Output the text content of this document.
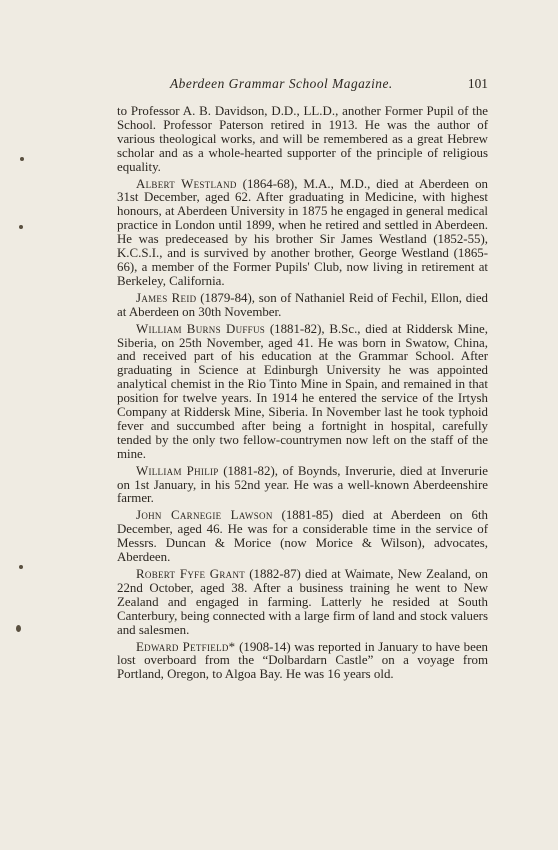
Aberdeen Grammar School Magazine.	101

to Professor A. B. Davidson, D.D., LL.D., another Former Pupil of the School. Professor Paterson retired in 1913. He was the author of various theological works, and will be remembered as a great Hebrew scholar and as a whole-hearted supporter of the principle of religious equality.

Albert Westland (1864-68), M.A., M.D., died at Aberdeen on 31st December, aged 62. After graduating in Medicine, with highest honours, at Aberdeen University in 1875 he engaged in general medical practice in London until 1899, when he retired and settled in Aberdeen. He was predeceased by his brother Sir James Westland (1852-55), K.C.S.I., and is survived by another brother, George Westland (1865-66), a member of the Former Pupils' Club, now living in retirement at Berkeley, California.

James Reid (1879-84), son of Nathaniel Reid of Fechil, Ellon, died at Aberdeen on 30th November.

William Burns Duffus (1881-82), B.Sc., died at Riddersk Mine, Siberia, on 25th November, aged 41. He was born in Swatow, China, and received part of his education at the Grammar School. After graduating in Science at Edinburgh University he was appointed analytical chemist in the Rio Tinto Mine in Spain, and remained in that position for twelve years. In 1914 he entered the service of the Irtysh Company at Riddersk Mine, Siberia. In November last he took typhoid fever and succumbed after being a fortnight in hospital, carefully tended by the only two fellow-countrymen now left on the staff of the mine.

William Philip (1881-82), of Boynds, Inverurie, died at Inverurie on 1st January, in his 52nd year. He was a well-known Aberdeenshire farmer.

John Carnegie Lawson (1881-85) died at Aberdeen on 6th December, aged 46. He was for a considerable time in the service of Messrs. Duncan & Morice (now Morice & Wilson), advocates, Aberdeen.

Robert Fyfe Grant (1882-87) died at Waimate, New Zealand, on 22nd October, aged 38. After a business training he went to New Zealand and engaged in farming. Latterly he resided at South Canterbury, being connected with a large firm of land and stock valuers and salesmen.

Edward Petfield* (1908-14) was reported in January to have been lost overboard from the “Dolbardarn Castle” on a voyage from Portland, Oregon, to Algoa Bay. He was 16 years old.
